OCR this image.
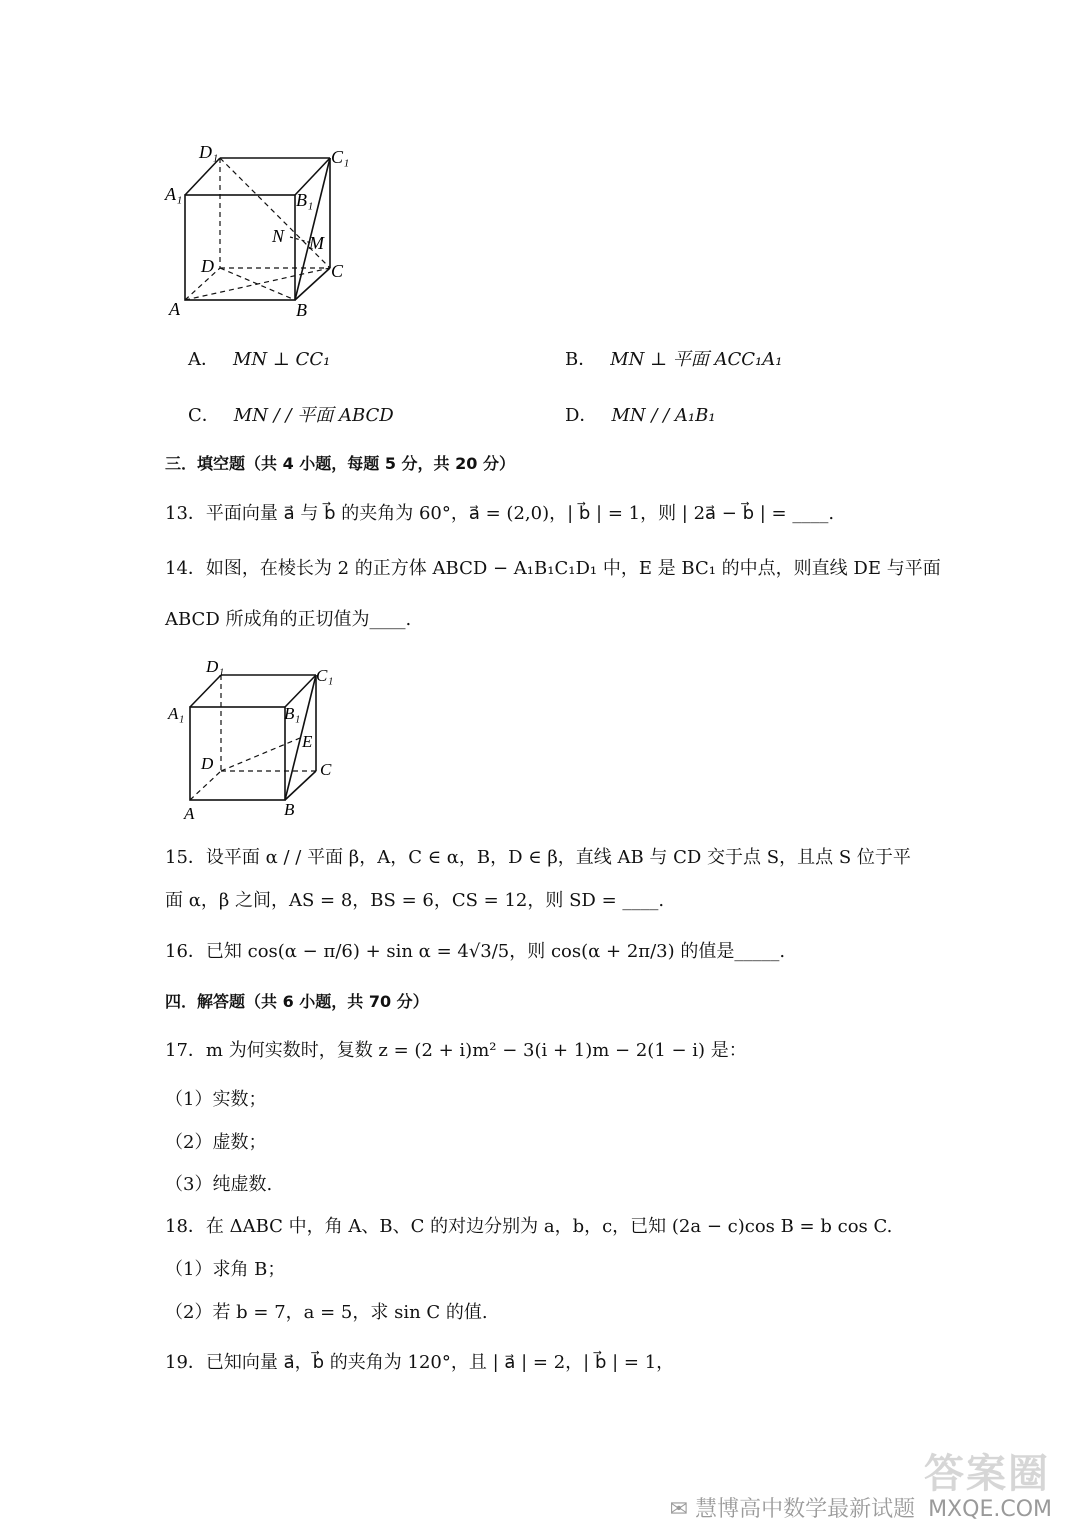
D₁	C₁
A₁	B₁
N M
D	C
A	B
A． MN ⊥ CC₁	B． MN ⊥ 平面 ACC₁A₁
C． MN / / 平面 ABCD	D． MN / / A₁B₁
三．填空题（共 4 小题，每题 5 分，共 20 分）
13．平面向量 a⃗ 与 b⃗ 的夹角为 60°，a⃗ = (2,0)，| b⃗ | = 1，则 | 2a⃗ − b⃗ | = ____.
14．如图，在棱长为 2 的正方体 ABCD − A₁B₁C₁D₁ 中，E 是 BC₁ 的中点，则直线 DE 与平面
ABCD 所成角的正切值为____.
D₁	C₁
A₁	B₁
E
D	C
A	B
15．设平面 α / / 平面 β，A，C ∈ α，B，D ∈ β，直线 AB 与 CD 交于点 S，且点 S 位于平
面 α，β 之间，AS = 8，BS = 6，CS = 12，则 SD = ____.
16．已知 cos(α − π/6) + sin α = 4√3/5，则 cos(α + 2π/3) 的值是_____.
四．解答题（共 6 小题，共 70 分）
17．m 为何实数时，复数 z = (2 + i)m² − 3(i + 1)m − 2(1 − i) 是：
（1）实数；
（2）虚数；
（3）纯虚数.
18．在 ΔABC 中，角 A、B、C 的对边分别为 a，b，c，已知 (2a − c)cos B = b cos C.
（1）求角 B；
（2）若 b = 7，a = 5，求 sin C 的值.
19．已知向量 a⃗，b⃗ 的夹角为 120°，且 | a⃗ | = 2，| b⃗ | = 1，
答案圈
✉ 慧博高中数学最新试题 MXQE.COM
